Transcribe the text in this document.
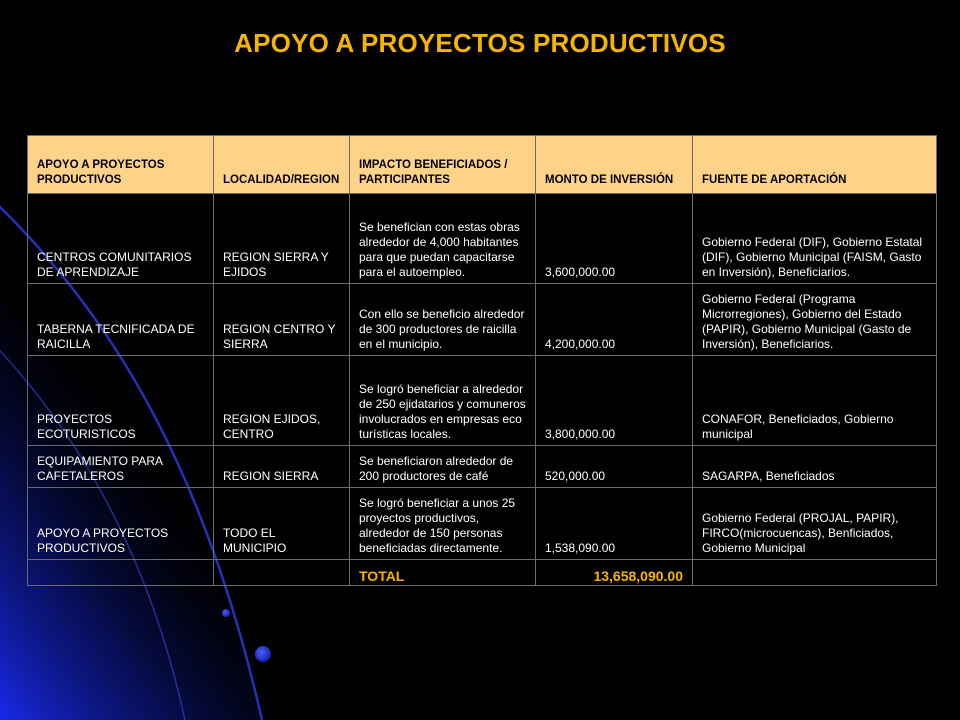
APOYO A PROYECTOS PRODUCTIVOS
APOYO A PROYECTOS PRODUCTIVOS	LOCALIDAD/REGION	IMPACTO BENEFICIADOS / PARTICIPANTES	MONTO DE INVERSIÓN	FUENTE DE APORTACIÓN
CENTROS COMUNITARIOS DE APRENDIZAJE	REGION SIERRA Y EJIDOS	Se benefician con estas obras alrededor de 4,000 habitantes para que puedan capacitarse para el autoempleo.	3,600,000.00	Gobierno Federal (DIF), Gobierno Estatal (DIF), Gobierno Municipal (FAISM, Gasto en Inversión), Beneficiarios.
TABERNA TECNIFICADA DE RAICILLA	REGION CENTRO Y SIERRA	Con ello se beneficio alrededor de 300 productores de raicilla en el municipio.	4,200,000.00	Gobierno Federal (Programa Microrregiones), Gobierno del Estado (PAPIR), Gobierno Municipal (Gasto de Inversión), Beneficiarios.
PROYECTOS ECOTURISTICOS	REGION EJIDOS, CENTRO	Se logró beneficiar a alrededor de 250 ejidatarios y comuneros involucrados en empresas eco turísticas locales.	3,800,000.00	CONAFOR, Beneficiados, Gobierno municipal
EQUIPAMIENTO PARA CAFETALEROS	REGION SIERRA	Se beneficiaron alrededor de 200 productores de café	520,000.00	SAGARPA, Beneficiados
APOYO A PROYECTOS PRODUCTIVOS	TODO EL MUNICIPIO	Se logró beneficiar a unos 25 proyectos productivos, alrededor de 150 personas beneficiadas directamente.	1,538,090.00	Gobierno Federal (PROJAL, PAPIR), FIRCO(microcuencas), Benficiados, Gobierno Municipal
		TOTAL	13,658,090.00	
